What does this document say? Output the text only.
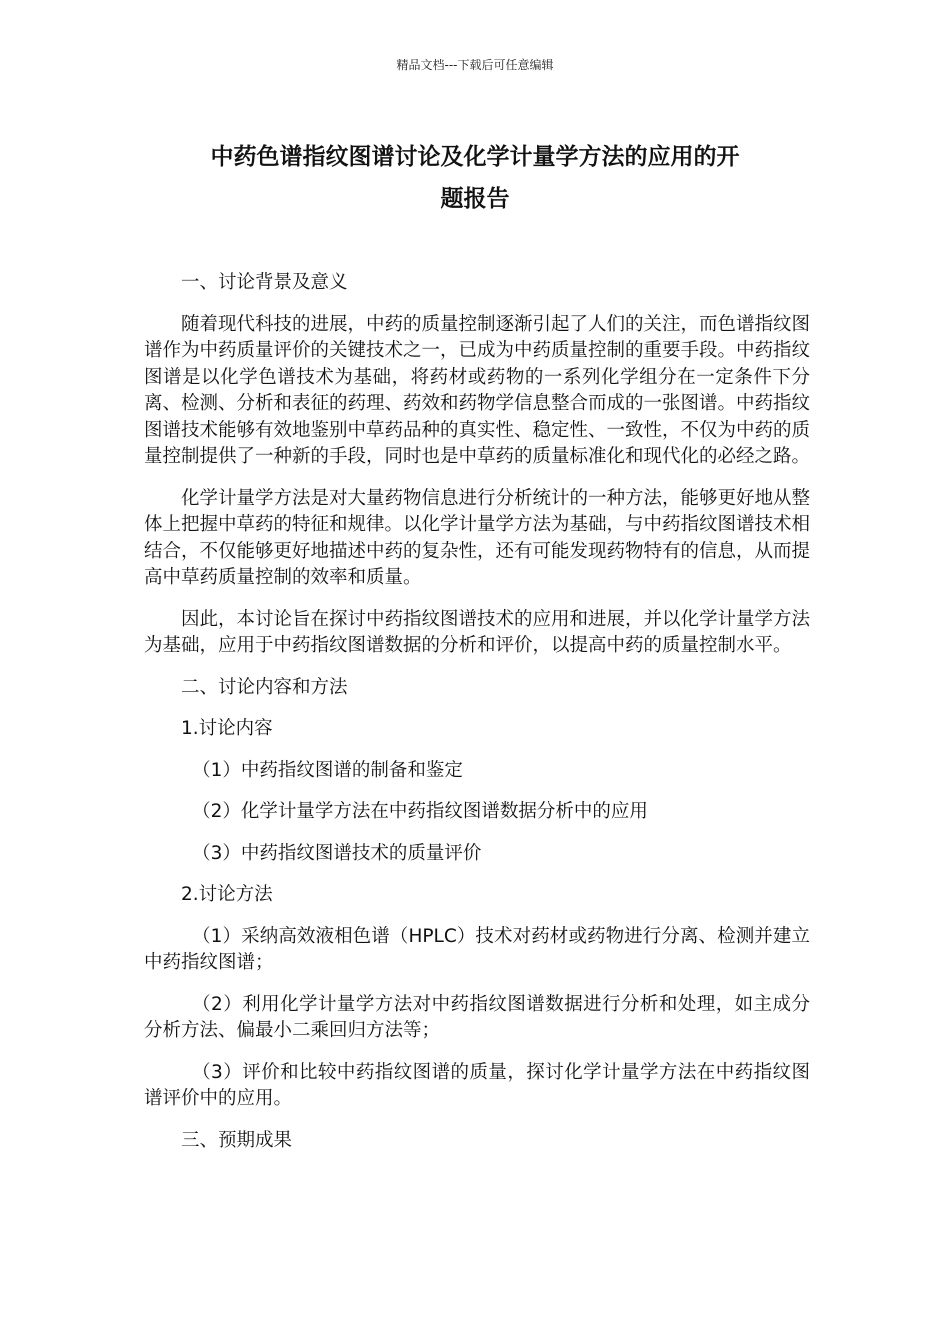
精品文档---下载后可任意编辑
中药色谱指纹图谱讨论及化学计量学方法的应用的开
题报告

一、讨论背景及意义

随着现代科技的进展，中药的质量控制逐渐引起了人们的关注，而色谱指纹图谱作为中药质量评价的关键技术之一，已成为中药质量控制的重要手段。中药指纹图谱是以化学色谱技术为基础，将药材或药物的一系列化学组分在一定条件下分离、检测、分析和表征的药理、药效和药物学信息整合而成的一张图谱。中药指纹图谱技术能够有效地鉴别中草药品种的真实性、稳定性、一致性，不仅为中药的质量控制提供了一种新的手段，同时也是中草药的质量标准化和现代化的必经之路。

化学计量学方法是对大量药物信息进行分析统计的一种方法，能够更好地从整体上把握中草药的特征和规律。以化学计量学方法为基础，与中药指纹图谱技术相结合，不仅能够更好地描述中药的复杂性，还有可能发现药物特有的信息，从而提高中草药质量控制的效率和质量。

因此，本讨论旨在探讨中药指纹图谱技术的应用和进展，并以化学计量学方法为基础，应用于中药指纹图谱数据的分析和评价，以提高中药的质量控制水平。

二、讨论内容和方法

1.讨论内容

（1）中药指纹图谱的制备和鉴定

（2）化学计量学方法在中药指纹图谱数据分析中的应用

（3）中药指纹图谱技术的质量评价

2.讨论方法

（1）采纳高效液相色谱（HPLC）技术对药材或药物进行分离、检测并建立中药指纹图谱；

（2）利用化学计量学方法对中药指纹图谱数据进行分析和处理，如主成分分析方法、偏最小二乘回归方法等；

（3）评价和比较中药指纹图谱的质量，探讨化学计量学方法在中药指纹图谱评价中的应用。

三、预期成果
